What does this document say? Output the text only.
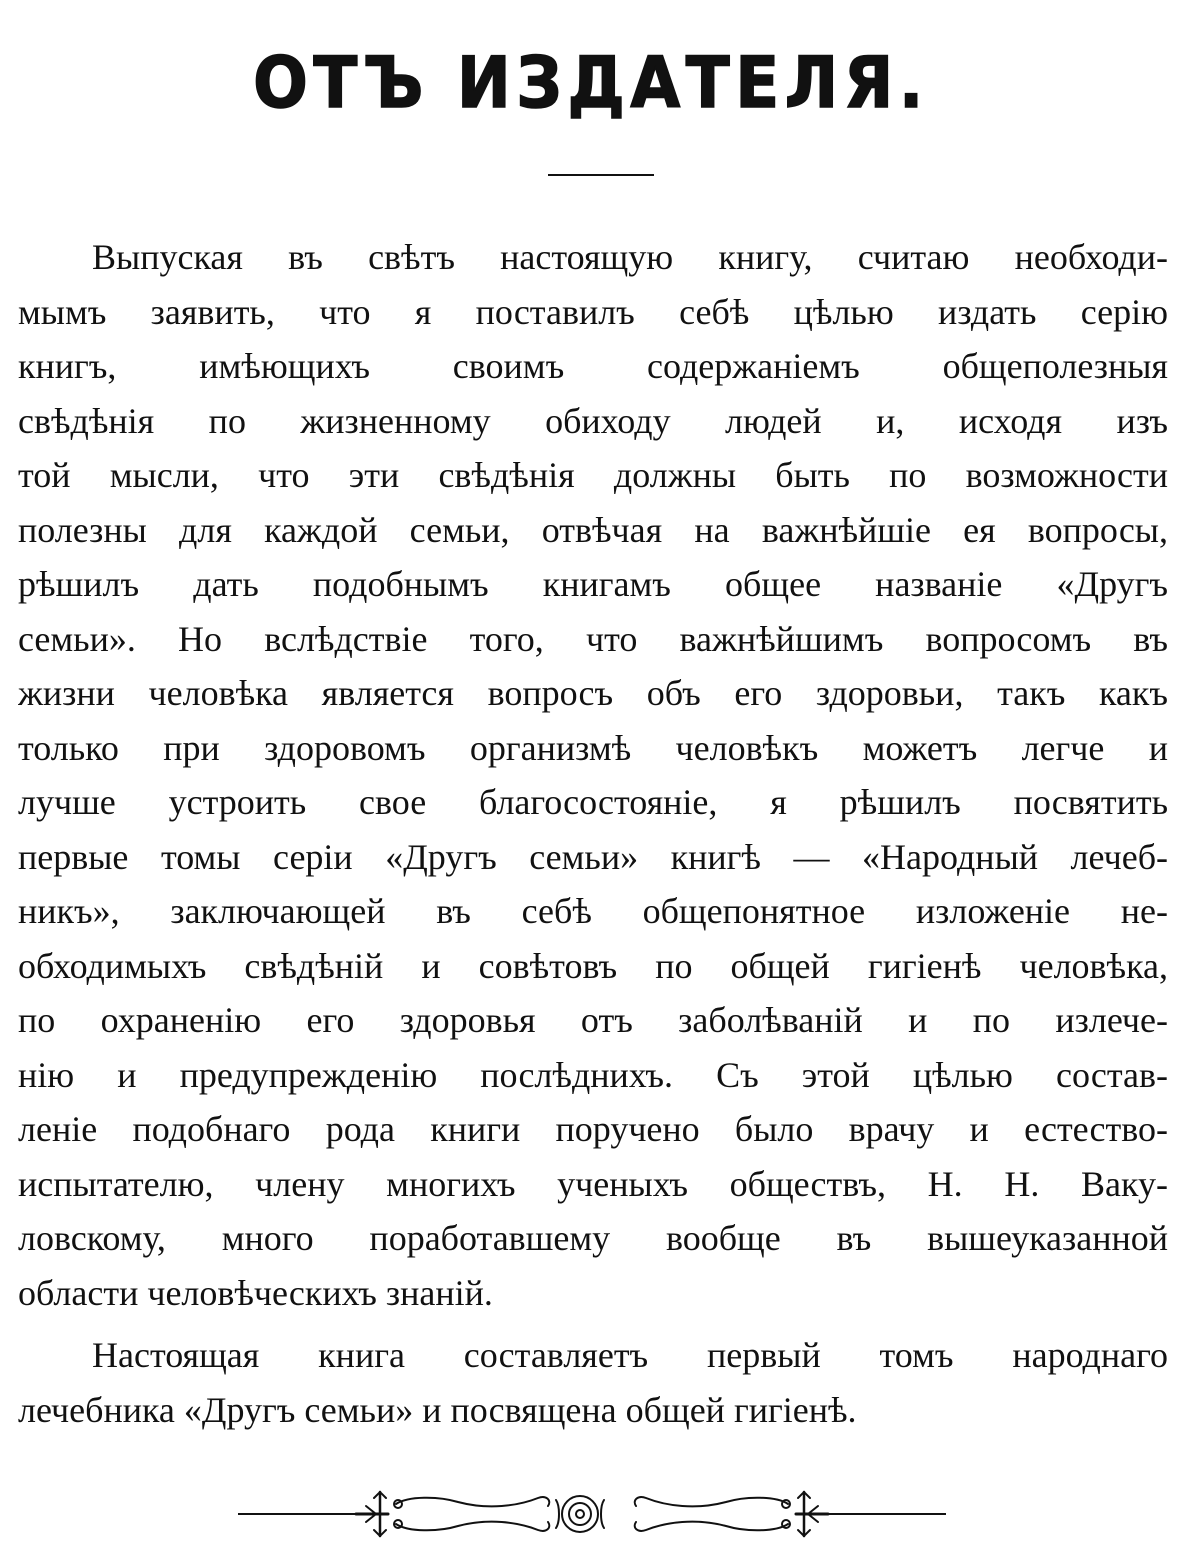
ОТЪ ИЗДАТЕЛЯ.
Выпуская въ свѣтъ настоящую книгу, считаю необходи-
мымъ заявить, что я поставилъ себѣ цѣлью издать серію
книгъ, имѣющихъ своимъ содержаніемъ общеполезныя
свѣдѣнія по жизненному обиходу людей и, исходя изъ
той мысли, что эти свѣдѣнія должны быть по возможности
полезны для каждой семьи, отвѣчая на важнѣйшіе ея вопросы,
рѣшилъ дать подобнымъ книгамъ общее названіе «Другъ
семьи». Но вслѣдствіе того, что важнѣйшимъ вопросомъ въ
жизни человѣка является вопросъ объ его здоровьи, такъ какъ
только при здоровомъ организмѣ человѣкъ можетъ легче и
лучше устроить свое благосостояніе, я рѣшилъ посвятить
первые томы серіи «Другъ семьи» книгѣ — «Народный лечеб-
никъ», заключающей въ себѣ общепонятное изложеніе не-
обходимыхъ свѣдѣній и совѣтовъ по общей гигіенѣ человѣка,
по охраненію его здоровья отъ заболѣваній и по излече-
нію и предупрежденію послѣднихъ. Съ этой цѣлью состав-
леніе подобнаго рода книги поручено было врачу и естество-
испытателю, члену многихъ ученыхъ обществъ, Н. Н. Ваку-
ловскому, много поработавшему вообще въ вышеуказанной
области человѣческихъ знаній.
Настоящая книга составляетъ первый томъ народнаго
лечебника «Другъ семьи» и посвящена общей гигіенѣ.
